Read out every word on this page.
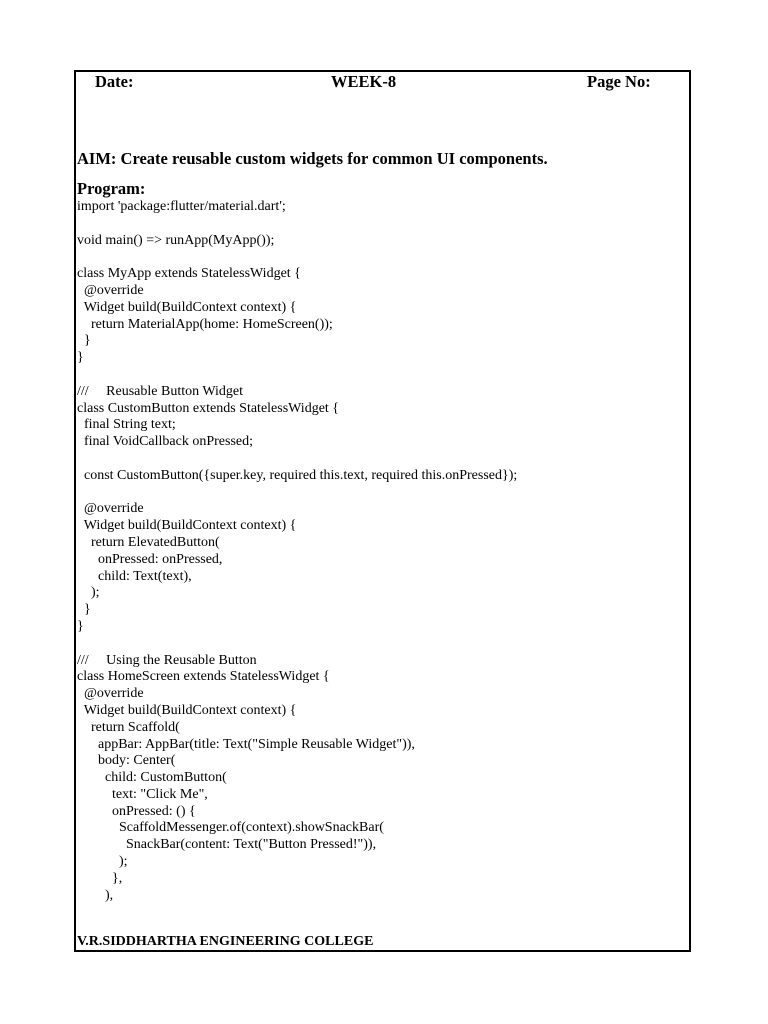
Date:	WEEK-8	Page No:
AIM: Create reusable custom widgets for common UI components.
Program:
import 'package:flutter/material.dart';
void main() => runApp(MyApp());
class MyApp extends StatelessWidget {
@override
Widget build(BuildContext context) {
return MaterialApp(home: HomeScreen());
}
}
///     Reusable Button Widget
class CustomButton extends StatelessWidget {
final String text;
final VoidCallback onPressed;
const CustomButton({super.key, required this.text, required this.onPressed});
@override
Widget build(BuildContext context) {
return ElevatedButton(
onPressed: onPressed,
child: Text(text),
);
}
}
///     Using the Reusable Button
class HomeScreen extends StatelessWidget {
@override
Widget build(BuildContext context) {
return Scaffold(
appBar: AppBar(title: Text("Simple Reusable Widget")),
body: Center(
child: CustomButton(
text: "Click Me",
onPressed: () {
ScaffoldMessenger.of(context).showSnackBar(
SnackBar(content: Text("Button Pressed!")),
);
},
),
V.R.SIDDHARTHA ENGINEERING COLLEGE
